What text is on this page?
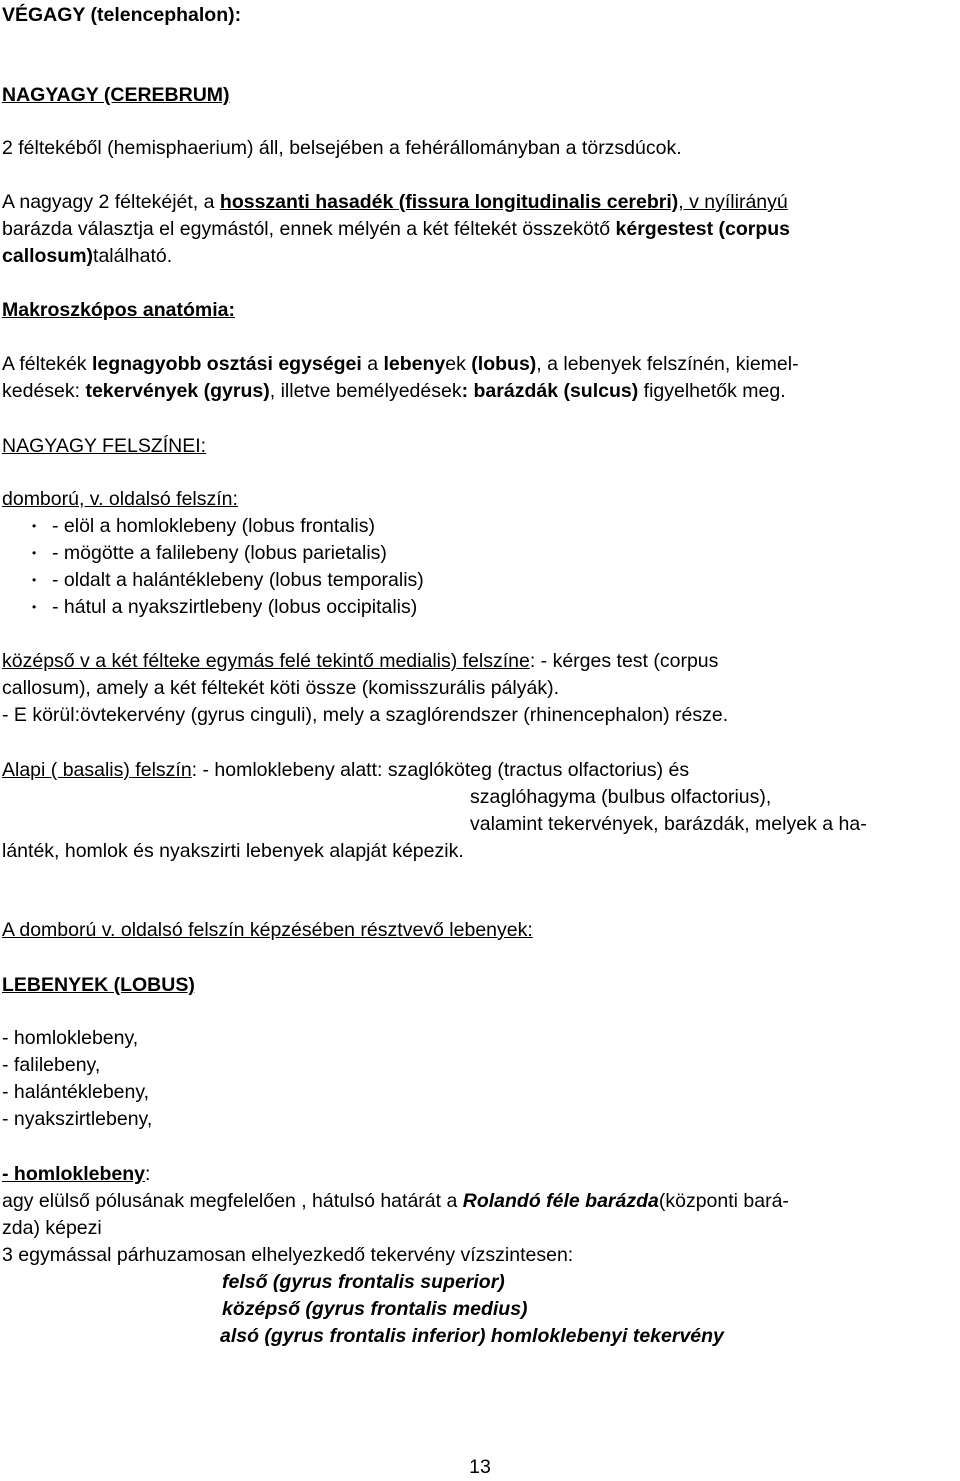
VÉGAGY (telencephalon):
NAGYAGY (CEREBRUM)
2 féltekéből (hemisphaerium) áll, belsejében a fehérállományban a törzsdúcok.
A nagyagy 2 féltekéjét, a hosszanti hasadék (fissura longitudinalis cerebri), v nyílirányú
barázda választja el egymástól, ennek mélyén a két féltekét összekötő kérgestest (corpus
callosum)található.
Makroszkópos anatómia:
A féltekék legnagyobb osztási egységei a lebenyek (lobus), a lebenyek felszínén, kiemel-
kedések: tekervények (gyrus), illetve bemélyedések: barázdák (sulcus) figyelhetők meg.
NAGYAGY FELSZÍNEI:
domború, v. oldalsó felszín:
• - elöl a homloklebeny (lobus frontalis)
• - mögötte a falilebeny (lobus parietalis)
• - oldalt a halántéklebeny (lobus temporalis)
• - hátul a nyakszirtlebeny (lobus occipitalis)
középső v a két félteke egymás felé tekintő medialis) felszíne: - kérges test (corpus
callosum), amely a két féltekét köti össze (komisszurális pályák).
- E körül:övtekervény (gyrus cinguli), mely a szaglórendszer (rhinencephalon) része.
Alapi ( basalis) felszín: - homloklebeny alatt: szaglóköteg (tractus olfactorius) és
szaglóhagyma (bulbus olfactorius),
valamint tekervények, barázdák, melyek a ha-
lánték, homlok és nyakszirti lebenyek alapját képezik.
A domború v. oldalsó felszín képzésében résztvevő lebenyek:
LEBENYEK (LOBUS)
- homloklebeny,
- falilebeny,
- halántéklebeny,
- nyakszirtlebeny,
- homloklebeny:
agy elülső pólusának megfelelően , hátulsó határát a Rolandó féle barázda(központi bará-
zda) képezi
3 egymással párhuzamosan elhelyezkedő tekervény vízszintesen:
felső (gyrus frontalis superior)
középső (gyrus frontalis medius)
alsó (gyrus frontalis inferior) homloklebenyi tekervény
13
